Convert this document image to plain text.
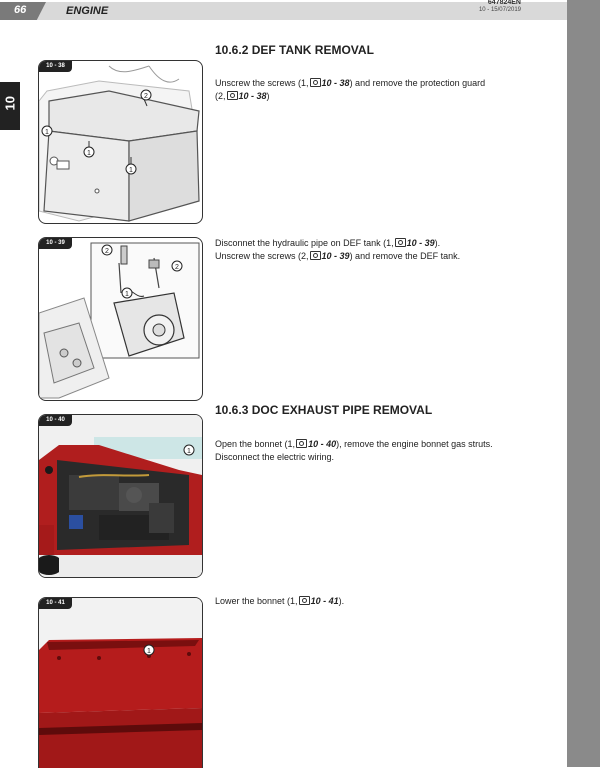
66	ENGINE
647824EN
10 - 15/07/2019
10
10 - 38
2
1
1
1
10 - 39
2
2
1
10 - 40
1
10 - 41
1
10.6.2 DEF TANK REMOVAL
Unscrew the screws (1, 10 - 38) and remove the protection guard
(2, 10 - 38)
Disconnet the hydraulic pipe on DEF tank (1, 10 - 39).
Unscrew the screws (2, 10 - 39) and remove the DEF tank.
10.6.3 DOC EXHAUST PIPE REMOVAL
Open the bonnet (1, 10 - 40), remove the engine bonnet gas struts.
Disconnect the electric wiring.
Lower the bonnet (1, 10 - 41).
